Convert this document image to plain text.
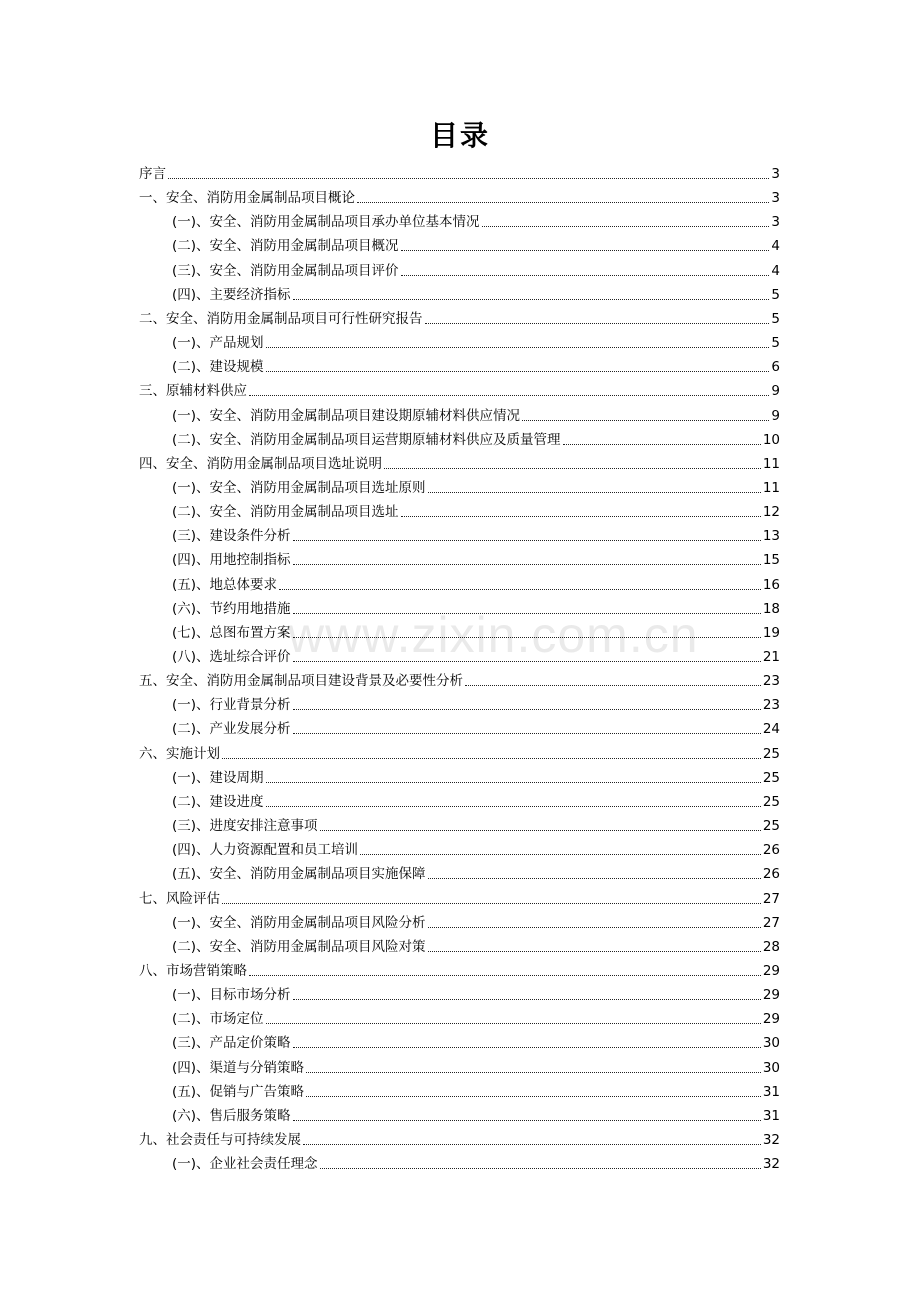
目录
序言	3
一、安全、消防用金属制品项目概论	3
(一)、安全、消防用金属制品项目承办单位基本情况	3
(二)、安全、消防用金属制品项目概况	4
(三)、安全、消防用金属制品项目评价	4
(四)、主要经济指标	5
二、安全、消防用金属制品项目可行性研究报告	5
(一)、产品规划	5
(二)、建设规模	6
三、原辅材料供应	9
(一)、安全、消防用金属制品项目建设期原辅材料供应情况	9
(二)、安全、消防用金属制品项目运营期原辅材料供应及质量管理	10
四、安全、消防用金属制品项目选址说明	11
(一)、安全、消防用金属制品项目选址原则	11
(二)、安全、消防用金属制品项目选址	12
(三)、建设条件分析	13
(四)、用地控制指标	15
(五)、地总体要求	16
(六)、节约用地措施	18
(七)、总图布置方案	19
(八)、选址综合评价	21
五、安全、消防用金属制品项目建设背景及必要性分析	23
(一)、行业背景分析	23
(二)、产业发展分析	24
六、实施计划	25
(一)、建设周期	25
(二)、建设进度	25
(三)、进度安排注意事项	25
(四)、人力资源配置和员工培训	26
(五)、安全、消防用金属制品项目实施保障	26
七、风险评估	27
(一)、安全、消防用金属制品项目风险分析	27
(二)、安全、消防用金属制品项目风险对策	28
八、市场营销策略	29
(一)、目标市场分析	29
(二)、市场定位	29
(三)、产品定价策略	30
(四)、渠道与分销策略	30
(五)、促销与广告策略	31
(六)、售后服务策略	31
九、社会责任与可持续发展	32
(一)、企业社会责任理念	32
www.zixin.com.cn
